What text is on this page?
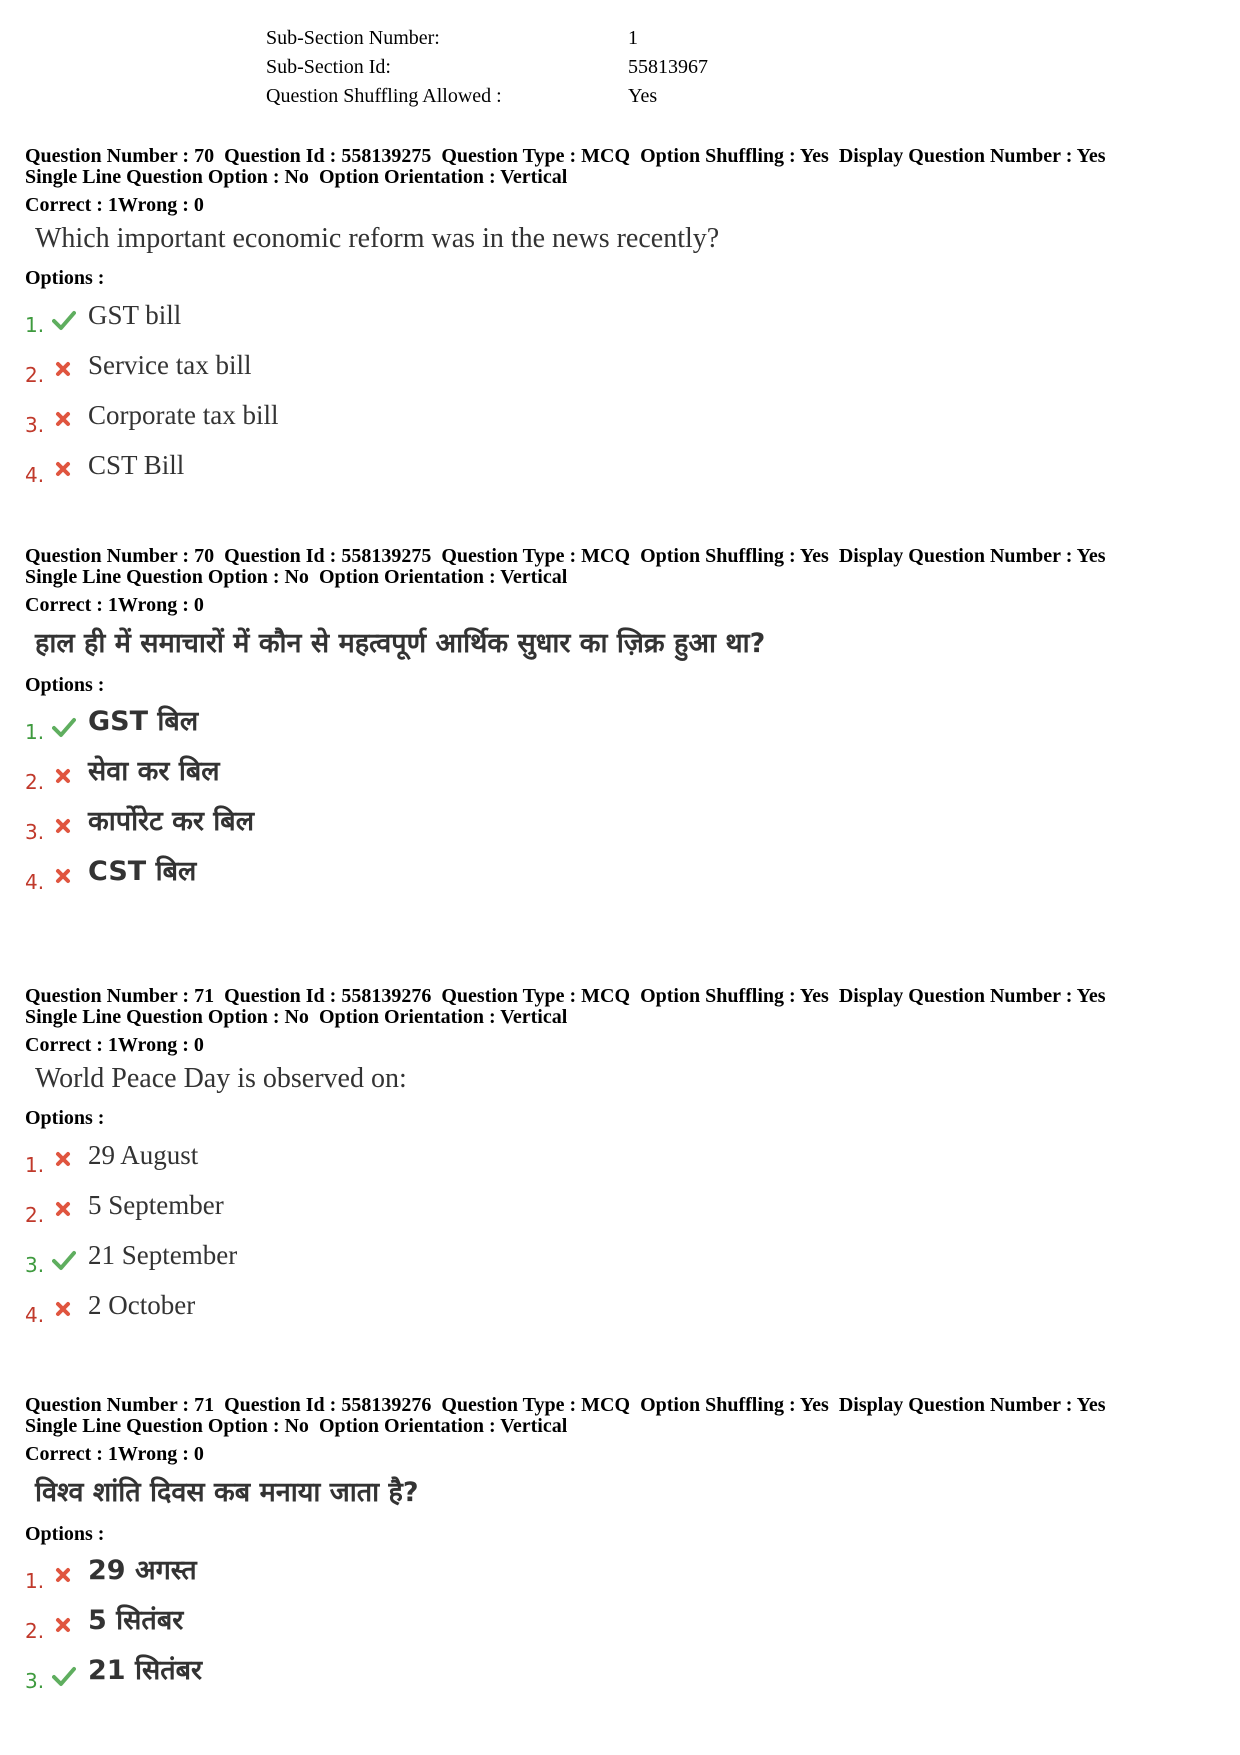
Sub-Section Number:	1
Sub-Section Id:	55813967
Question Shuffling Allowed :	Yes
Question Number : 70 Question Id : 558139275 Question Type : MCQ Option Shuffling : Yes Display Question Number : Yes
Single Line Question Option : No Option Orientation : Vertical
Correct : 1Wrong : 0
Which important economic reform was in the news recently?
Options :
1. GST bill
2. Service tax bill
3. Corporate tax bill
4. CST Bill
Question Number : 70 Question Id : 558139275 Question Type : MCQ Option Shuffling : Yes Display Question Number : Yes
Single Line Question Option : No Option Orientation : Vertical
Correct : 1Wrong : 0
हाल ही में समाचारों में कौन से महत्वपूर्ण आर्थिक सुधार का ज़िक्र हुआ था?
Options :
1. GST बिल
2. सेवा कर बिल
3. कार्पोरेट कर बिल
4. CST बिल
Question Number : 71 Question Id : 558139276 Question Type : MCQ Option Shuffling : Yes Display Question Number : Yes
Single Line Question Option : No Option Orientation : Vertical
Correct : 1Wrong : 0
World Peace Day is observed on:
Options :
1. 29 August
2. 5 September
3. 21 September
4. 2 October
Question Number : 71 Question Id : 558139276 Question Type : MCQ Option Shuffling : Yes Display Question Number : Yes
Single Line Question Option : No Option Orientation : Vertical
Correct : 1Wrong : 0
विश्व शांति दिवस कब मनाया जाता है?
Options :
1. 29 अगस्त
2. 5 सितंबर
3. 21 सितंबर
